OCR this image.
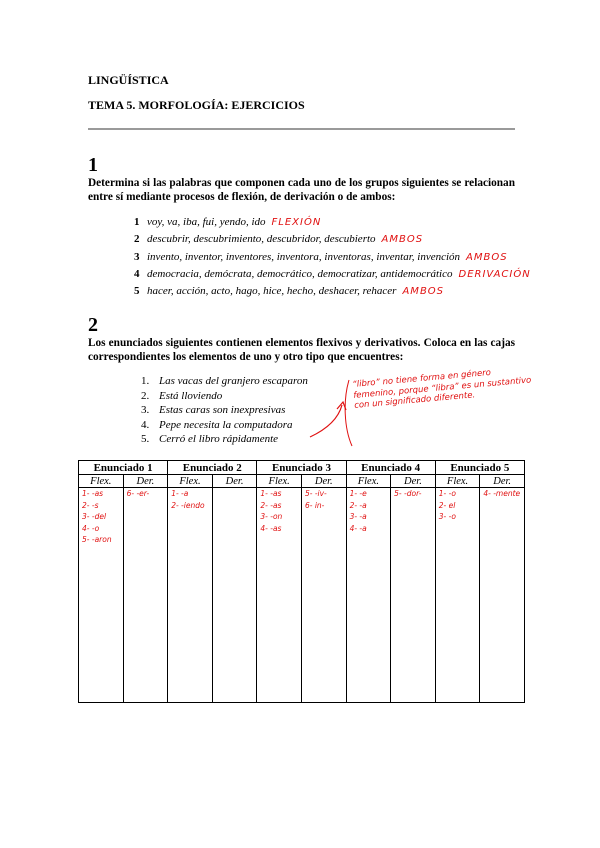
LINGÜÍSTICA
TEMA 5. MORFOLOGÍA: EJERCICIOS
1
Determina si las palabras que componen cada uno de los grupos siguientes se relacionan entre sí mediante procesos de flexión, de derivación o de ambos:
1 voy, va, iba, fui, yendo, ido FLEXIÓN
2 descubrir, descubrimiento, descubridor, descubierto AMBOS
3 invento, inventor, inventores, inventora, inventoras, inventar, invención AMBOS
4 democracia, demócrata, democrático, democratizar, antidemocrático DERIVACIÓN
5 hacer, acción, acto, hago, hice, hecho, deshacer, rehacer AMBOS
2
Los enunciados siguientes contienen elementos flexivos y derivativos. Coloca en las cajas correspondientes los elementos de uno y otro tipo que encuentres:
1. Las vacas del granjero escaparon
2. Está lloviendo
3. Estas caras son inexpresivas
4. Pepe necesita la computadora
5. Cerró el libro rápidamente
“libro” no tiene forma en género femenino, porque “libra” es un sustantivo con un significado diferente.
Enunciado 1		Enunciado 2		Enunciado 3		Enunciado 4		Enunciado 5	
Flex.	Der.	Flex.	Der.	Flex.	Der.	Flex.	Der.	Flex.	Der.

1- -as
2- -s
3- -del
4- -o
5- -aron	6- -er-	1- -a
2- -iendo		1- -as
2- -as
3- -on
4- -as	5- -iv-
6- in-	1- -e
2- -a
3- -a
4- -a	5- -dor-	1- -o
2- el
3- -o	4- -mente
